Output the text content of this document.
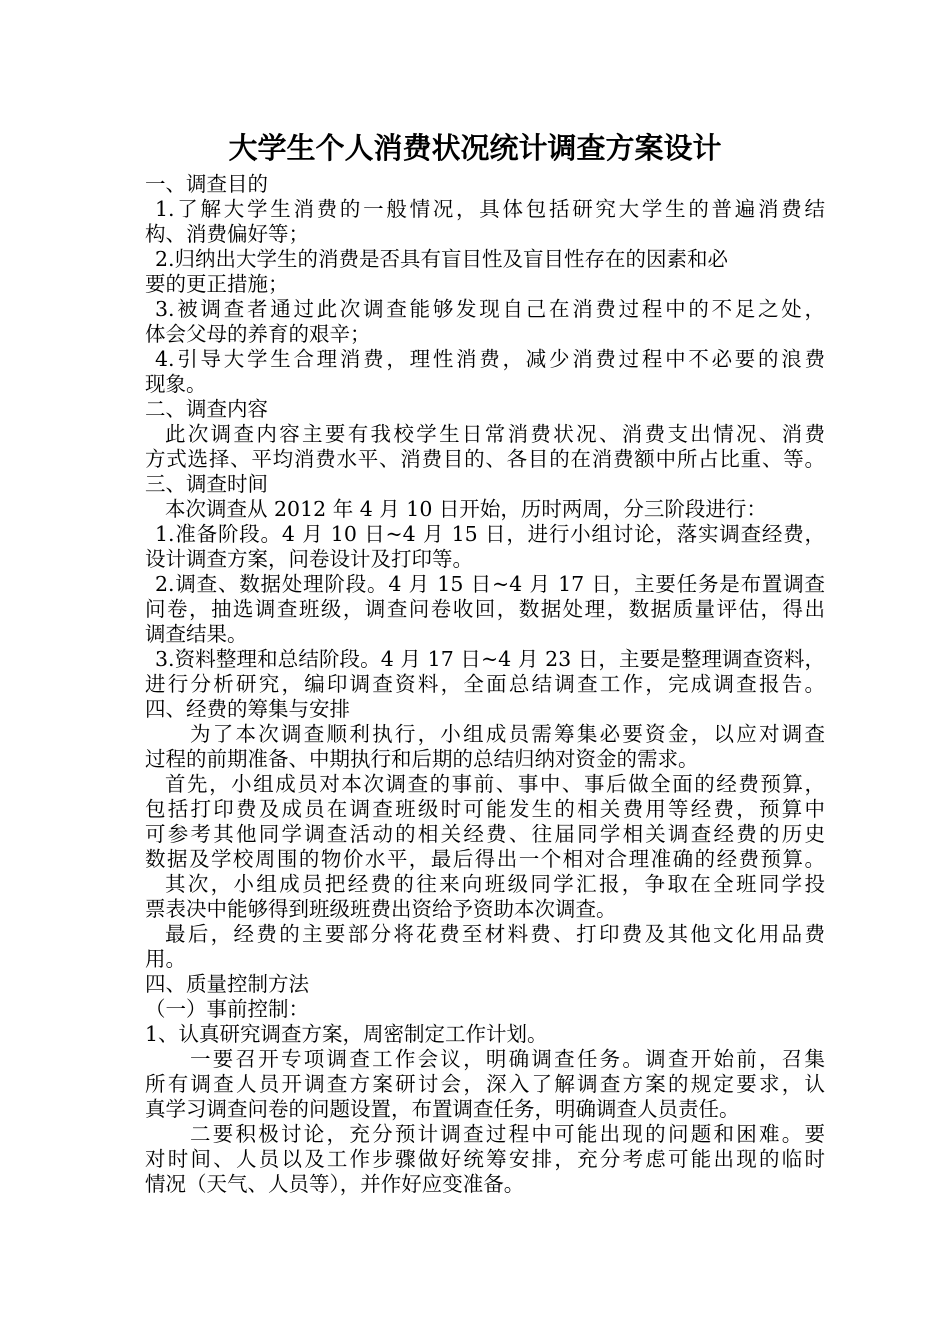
大学生个人消费状况统计调查方案设计
一、调查目的
1.了解大学生消费的一般情况，具体包括研究大学生的普遍消费结
构、消费偏好等；
2.归纳出大学生的消费是否具有盲目性及盲目性存在的因素和必
要的更正措施；
3.被调查者通过此次调查能够发现自己在消费过程中的不足之处，
体会父母的养育的艰辛；
4.引导大学生合理消费，理性消费，减少消费过程中不必要的浪费
现象。
二、调查内容
此次调查内容主要有我校学生日常消费状况、消费支出情况、消费
方式选择、平均消费水平、消费目的、各目的在消费额中所占比重、等。
三、调查时间
本次调查从 2012 年 4 月 10 日开始，历时两周，分三阶段进行：
1.准备阶段。4 月 10 日~4 月 15 日，进行小组讨论，落实调查经费，
设计调查方案，问卷设计及打印等。
2.调查、数据处理阶段。4 月 15 日~4 月 17 日，主要任务是布置调查
问卷，抽选调查班级，调查问卷收回，数据处理，数据质量评估，得出
调查结果。
3.资料整理和总结阶段。4 月 17 日~4 月 23 日，主要是整理调查资料，
进行分析研究，编印调查资料，全面总结调查工作，完成调查报告。
四、经费的筹集与安排
为了本次调查顺利执行，小组成员需筹集必要资金，以应对调查
过程的前期准备、中期执行和后期的总结归纳对资金的需求。
首先，小组成员对本次调查的事前、事中、事后做全面的经费预算，
包括打印费及成员在调查班级时可能发生的相关费用等经费，预算中
可参考其他同学调查活动的相关经费、往届同学相关调查经费的历史
数据及学校周围的物价水平，最后得出一个相对合理准确的经费预算。
其次，小组成员把经费的往来向班级同学汇报，争取在全班同学投
票表决中能够得到班级班费出资给予资助本次调查。
最后，经费的主要部分将花费至材料费、打印费及其他文化用品费
用。
四、质量控制方法
（一）事前控制：
1、认真研究调查方案，周密制定工作计划。
一要召开专项调查工作会议，明确调查任务。调查开始前，召集
所有调查人员开调查方案研讨会，深入了解调查方案的规定要求，认
真学习调查问卷的问题设置，布置调查任务，明确调查人员责任。
二要积极讨论，充分预计调查过程中可能出现的问题和困难。要
对时间、人员以及工作步骤做好统筹安排，充分考虑可能出现的临时
情况（天气、人员等），并作好应变准备。
